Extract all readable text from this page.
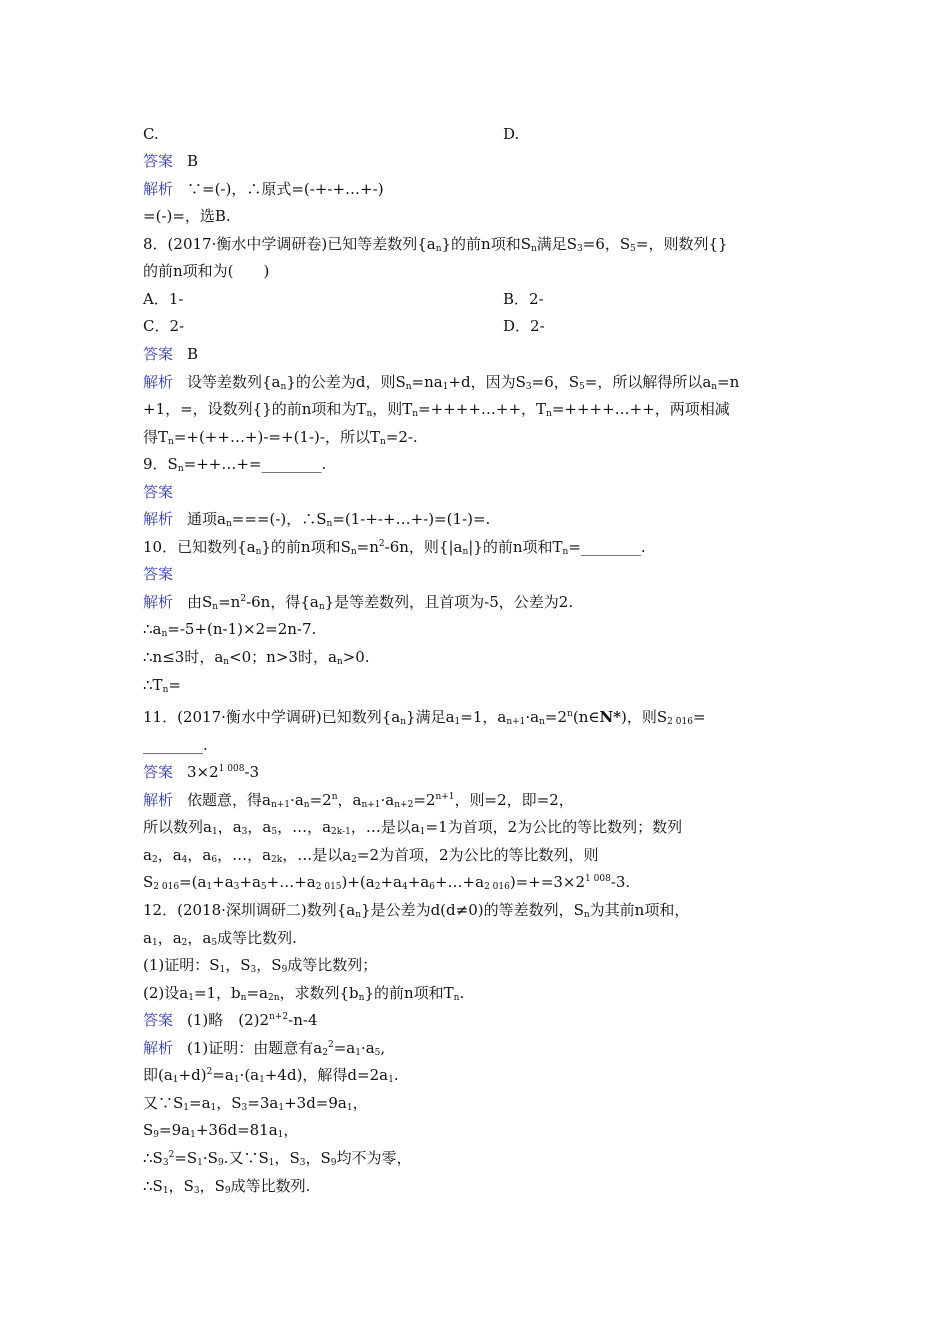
C.	D.
答案 B
解析 ∵=(-)，∴原式=(-+-+…+-)
=(-)=，选B.
8．(2017·衡水中学调研卷)已知等差数列$\{a_n\}$的前n项和$S_n$满足$S_3=6$，$S_5=$，则数列{}
的前n项和为(　　)
A．1-	B．2-
C．2-	D．2-
答案 B
解析 设等差数列$\{a_n\}$的公差为d，则$S_n=na_1+d$，因为$S_3=6$，$S_5=$，所以解得所以$a_n=n$
+1，=，设数列{}的前n项和为$T_n$，则$T_n=++++\dots++$，$T_n=++++\dots++$，两项相减
得$T_n=+(++\dots+)-=+(1-)-$，所以$T_n=2-$.
9．$S_n=++\dots+=\_\_\_\_\_\_\_\_$.
答案
解析 通项$a_n===(-)$，$\therefore S_n=(1-+-+\dots+-)=(1-)=$.
10．已知数列$\{a_n\}$的前n项和$S_n=n^2-6n$，则$\{|a_n|\}$的前n项和$T_n=\_\_\_\_\_\_\_\_$.
答案
解析 由$S_n=n^2-6n$，得$\{a_n\}$是等差数列，且首项为-5，公差为2.
$\therefore a_n=-5+(n-1)\times 2=2n-7$.
∴n≤3时，$a_n<0$；n>3时，$a_n>0$.
$\therefore T_n=$
11．(2017·衡水中学调研)已知数列$\{a_n\}$满足$a_1=1$，$a_{n+1}\cdot a_n=2^n(n\in N*)$，则$S_{2 016}=$
________.
答案 $3\times 2^{1 008}-3$
解析 依题意，得$a_{n+1}\cdot a_n=2^n$，$a_{n+1}\cdot a_{n+2}=2^{n+1}$，则=2，即=2，
所以数列$a_1$，$a_3$，$a_5$，…，$a_{2k-1}$，…是以$a_1=1$为首项，2为公比的等比数列；数列
$a_2$，$a_4$，$a_6$，…，$a_{2k}$，…是以$a_2=2$为首项，2为公比的等比数列，则
$S_{2 016}=(a_1+a_3+a_5+\dots+a_{2 015})+(a_2+a_4+a_6+\dots+a_{2 016})=+=3\times 2^{1 008}-3$.
12．(2018·深圳调研二)数列$\{a_n\}$是公差为d(d≠0)的等差数列，$S_n$为其前n项和，
$a_1$，$a_2$，$a_5$成等比数列.
(1)证明：$S_1$，$S_3$，$S_9$成等比数列；
(2)设$a_1=1$，$b_n=a_{2n}$，求数列$\{b_n\}$的前n项和$T_n$.
答案 (1)略　$(2)2^{n+2}-n-4$
解析 (1)证明：由题意有$a_2^2=a_1\cdot a_5$,
即$(a_1+d)^2=a_1\cdot(a_1+4d)$，解得$d=2a_1$.
又$\because S_1=a_1$，$S_3=3a_1+3d=9a_1$，
$S_9=9a_1+36d=81a_1$，
$\therefore S_3^2=S_1\cdot S_9$.又$\because S_1$，$S_3$，$S_9$均不为零，
$\therefore S_1$，$S_3$，$S_9$成等比数列.
